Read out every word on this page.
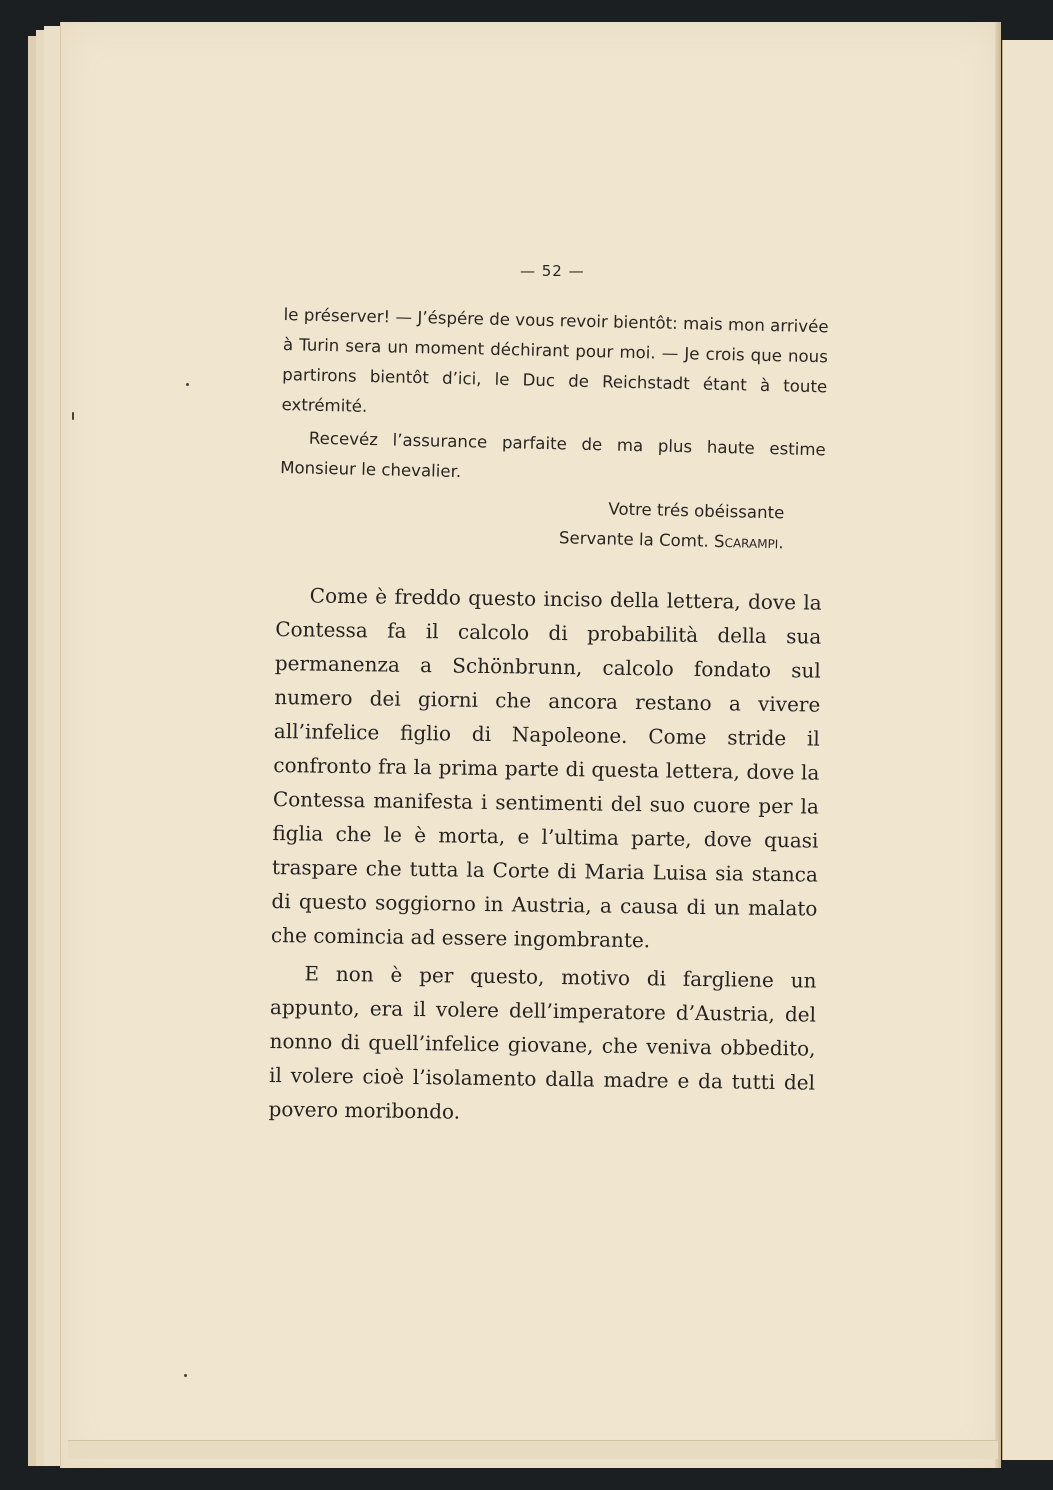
— 52 —

le préserver! — J’éspére de vous revoir bientôt: mais mon arrivée à Turin sera un moment déchirant pour moi. — Je crois que nous partirons bientôt d’ici, le Duc de Reichstadt étant à toute extrémité.

Recevéz l’assurance parfaite de ma plus haute estime Monsieur le chevalier.

Votre trés obéissante
Servante la Comt. Scarampi.

Come è freddo questo inciso della lettera, dove la Contessa fa il calcolo di probabilità della sua permanenza a Schönbrunn, calcolo fondato sul numero dei giorni che ancora restano a vivere all’infelice figlio di Napoleone. Come stride il confronto fra la prima parte di questa lettera, dove la Contessa manifesta i sentimenti del suo cuore per la figlia che le è morta, e l’ultima parte, dove quasi traspare che tutta la Corte di Maria Luisa sia stanca di questo soggiorno in Austria, a causa di un malato che comincia ad essere ingombrante.

E non è per questo, motivo di fargliene un appunto, era il volere dell’imperatore d’Austria, del nonno di quell’infelice giovane, che veniva obbedito, il volere cioè l’isolamento dalla madre e da tutti del povero moribondo.
